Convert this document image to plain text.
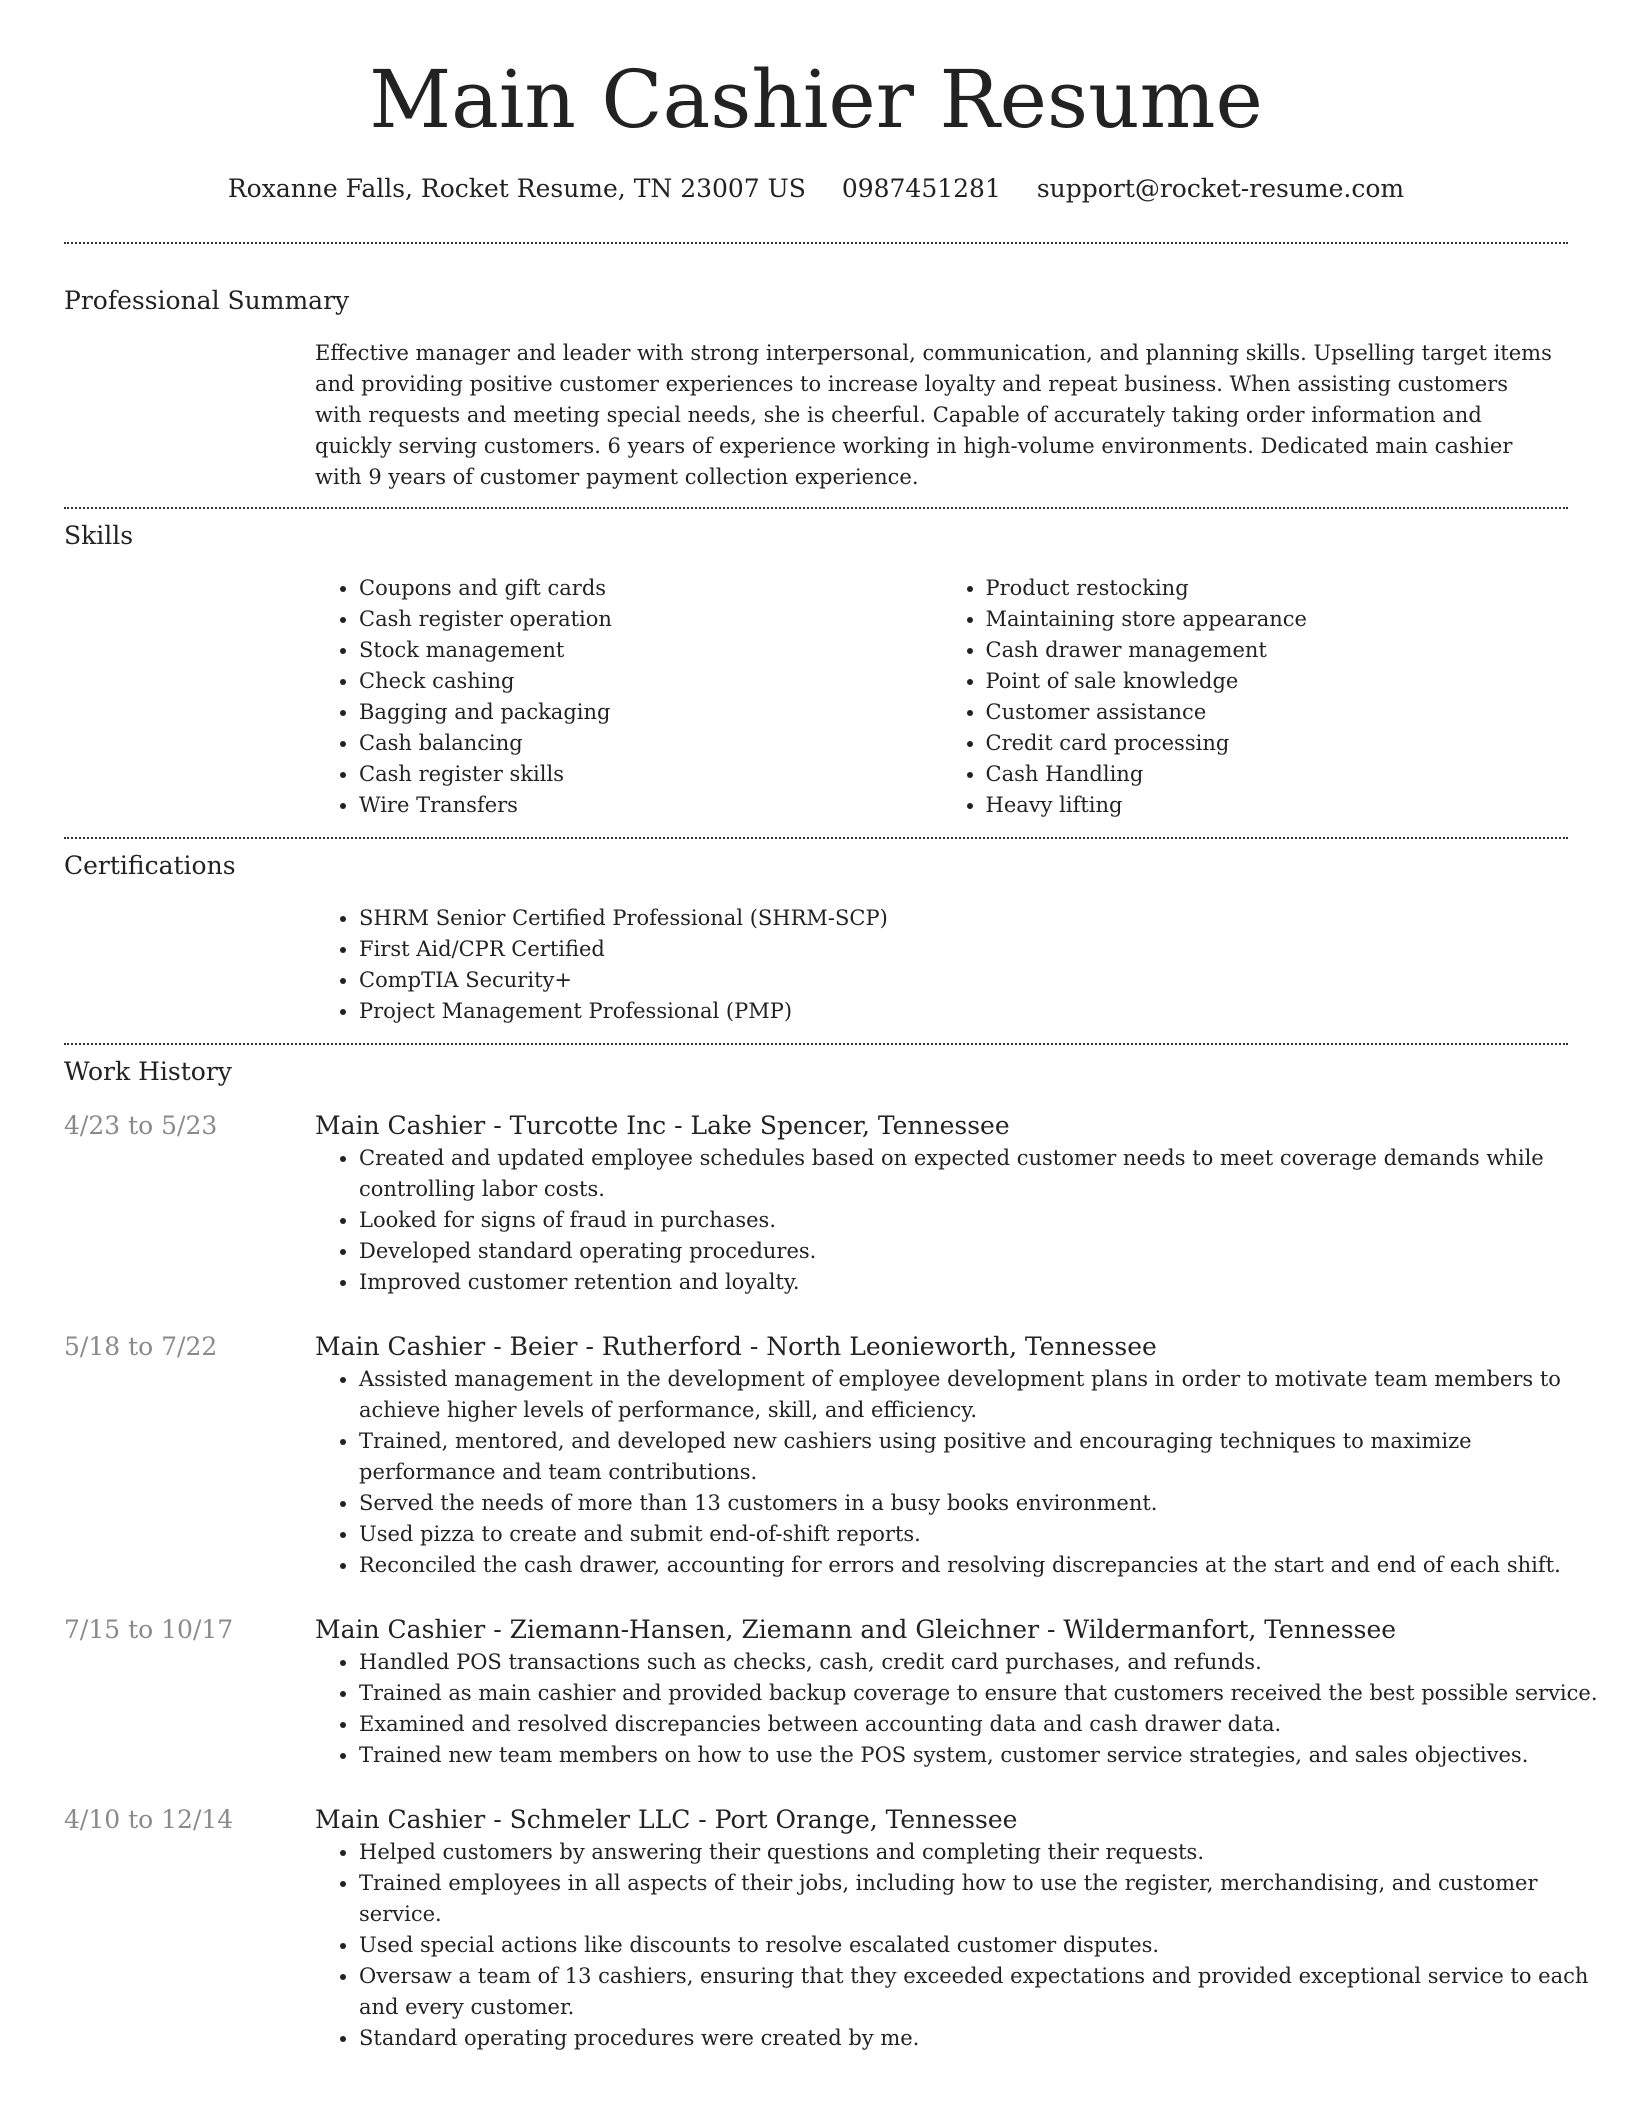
Main Cashier Resume
Roxanne Falls, Rocket Resume, TN 23007 US 0987451281 support@rocket-resume.com
Professional Summary
Effective manager and leader with strong interpersonal, communication, and planning skills. Upselling target items and providing positive customer experiences to increase loyalty and repeat business. When assisting customers with requests and meeting special needs, she is cheerful. Capable of accurately taking order information and quickly serving customers. 6 years of experience working in high-volume environments. Dedicated main cashier with 9 years of customer payment collection experience.
Skills
• Coupons and gift cards
• Cash register operation
• Stock management
• Check cashing
• Bagging and packaging
• Cash balancing
• Cash register skills
• Wire Transfers
• Product restocking
• Maintaining store appearance
• Cash drawer management
• Point of sale knowledge
• Customer assistance
• Credit card processing
• Cash Handling
• Heavy lifting
Certifications
• SHRM Senior Certified Professional (SHRM-SCP)
• First Aid/CPR Certified
• CompTIA Security+
• Project Management Professional (PMP)
Work History
4/23 to 5/23	Main Cashier - Turcotte Inc - Lake Spencer, Tennessee
• Created and updated employee schedules based on expected customer needs to meet coverage demands while controlling labor costs.
• Looked for signs of fraud in purchases.
• Developed standard operating procedures.
• Improved customer retention and loyalty.
5/18 to 7/22	Main Cashier - Beier - Rutherford - North Leonieworth, Tennessee
• Assisted management in the development of employee development plans in order to motivate team members to achieve higher levels of performance, skill, and efficiency.
• Trained, mentored, and developed new cashiers using positive and encouraging techniques to maximize performance and team contributions.
• Served the needs of more than 13 customers in a busy books environment.
• Used pizza to create and submit end-of-shift reports.
• Reconciled the cash drawer, accounting for errors and resolving discrepancies at the start and end of each shift.
7/15 to 10/17	Main Cashier - Ziemann-Hansen, Ziemann and Gleichner - Wildermanfort, Tennessee
• Handled POS transactions such as checks, cash, credit card purchases, and refunds.
• Trained as main cashier and provided backup coverage to ensure that customers received the best possible service.
• Examined and resolved discrepancies between accounting data and cash drawer data.
• Trained new team members on how to use the POS system, customer service strategies, and sales objectives.
4/10 to 12/14	Main Cashier - Schmeler LLC - Port Orange, Tennessee
• Helped customers by answering their questions and completing their requests.
• Trained employees in all aspects of their jobs, including how to use the register, merchandising, and customer service.
• Used special actions like discounts to resolve escalated customer disputes.
• Oversaw a team of 13 cashiers, ensuring that they exceeded expectations and provided exceptional service to each and every customer.
• Standard operating procedures were created by me.
